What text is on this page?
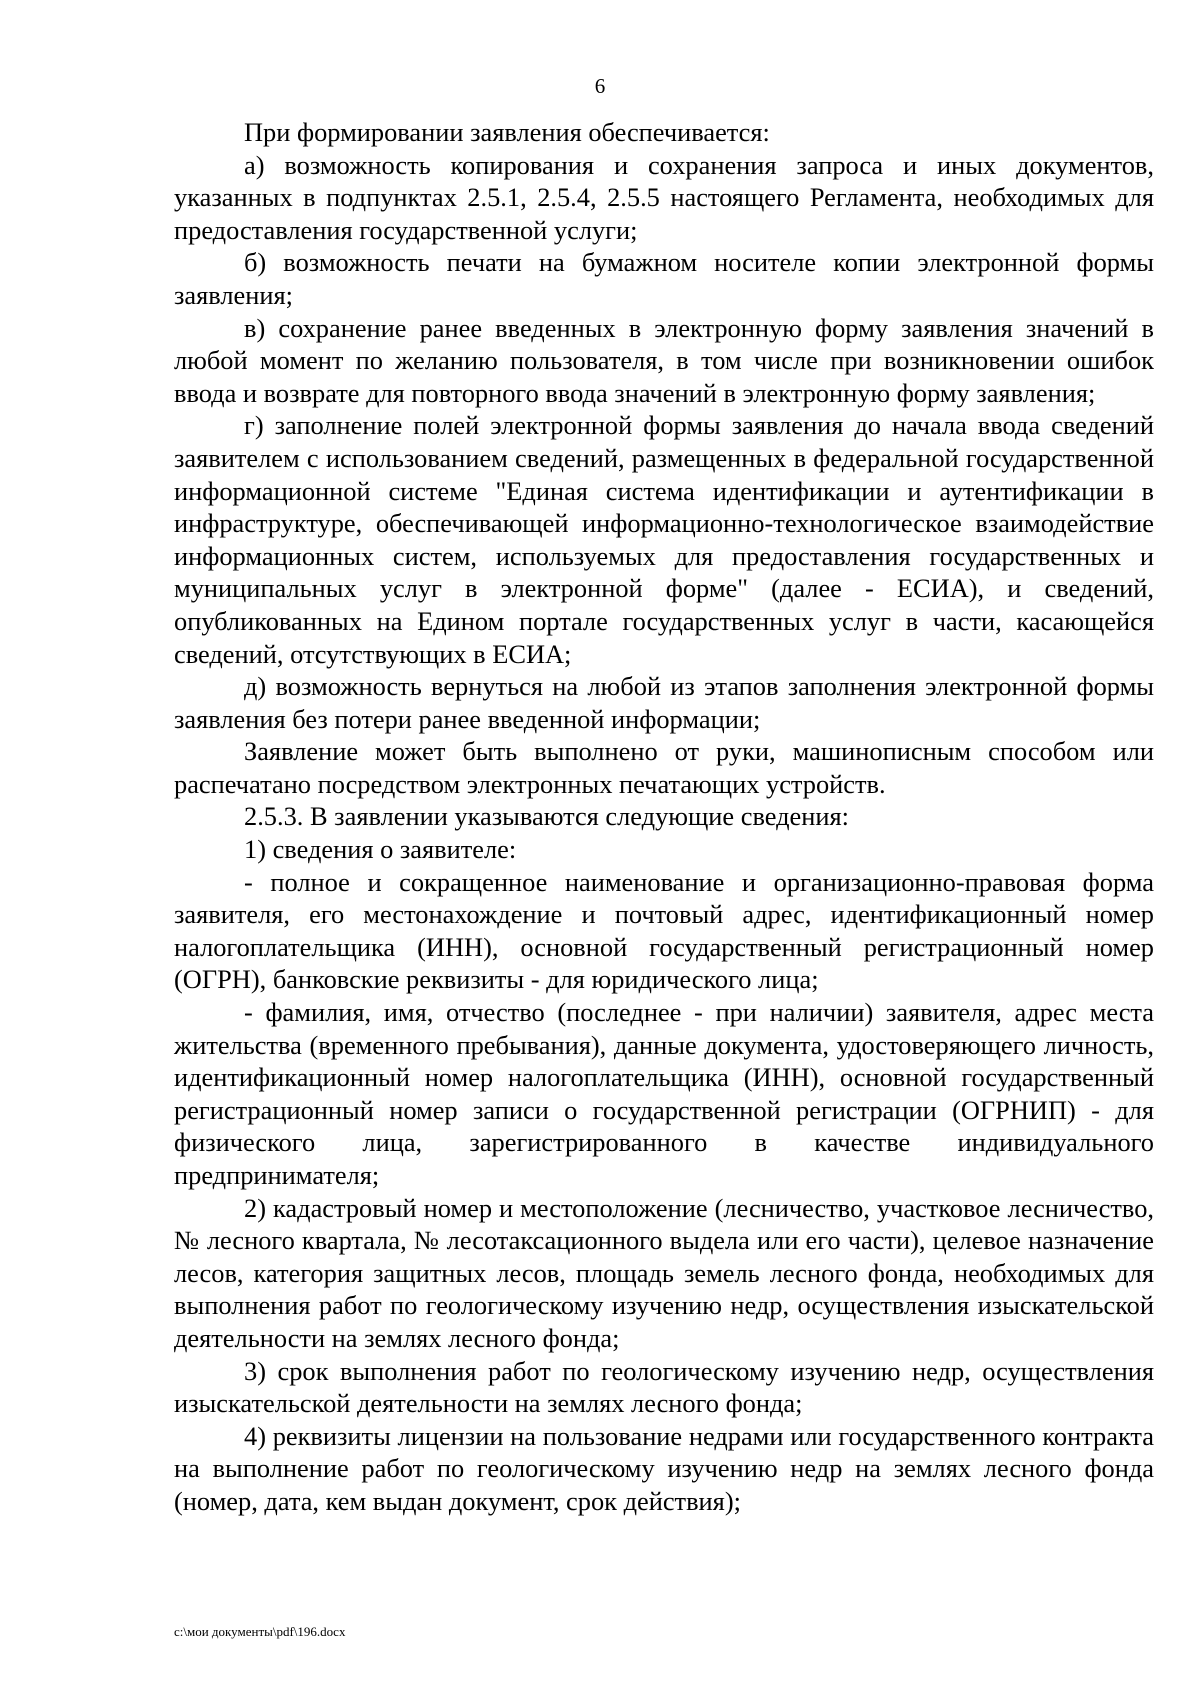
6

При формировании заявления обеспечивается:

а) возможность копирования и сохранения запроса и иных документов, указанных в подпунктах 2.5.1, 2.5.4, 2.5.5 настоящего Регламента, необходимых для предоставления государственной услуги;

б) возможность печати на бумажном носителе копии электронной формы заявления;

в) сохранение ранее введенных в электронную форму заявления значений в любой момент по желанию пользователя, в том числе при возникновении ошибок ввода и возврате для повторного ввода значений в электронную форму заявления;

г) заполнение полей электронной формы заявления до начала ввода сведений заявителем с использованием сведений, размещенных в федеральной государственной информационной системе "Единая система идентификации и аутентификации в инфраструктуре, обеспечивающей информационно-технологическое взаимодействие информационных систем, используемых для предоставления государственных и муниципальных услуг в электронной форме" (далее - ЕСИА), и сведений, опубликованных на Едином портале государственных услуг в части, касающейся сведений, отсутствующих в ЕСИА;

д) возможность вернуться на любой из этапов заполнения электронной формы заявления без потери ранее введенной информации;

Заявление может быть выполнено от руки, машинописным способом или распечатано посредством электронных печатающих устройств.

2.5.3. В заявлении указываются следующие сведения:

1) сведения о заявителе:

- полное и сокращенное наименование и организационно-правовая форма заявителя, его местонахождение и почтовый адрес, идентификационный номер налогоплательщика (ИНН), основной государственный регистрационный номер (ОГРН), банковские реквизиты - для юридического лица;

- фамилия, имя, отчество (последнее - при наличии) заявителя, адрес места жительства (временного пребывания), данные документа, удостоверяющего личность, идентификационный номер налогоплательщика (ИНН), основной государственный регистрационный номер записи о государственной регистрации (ОГРНИП) - для физического лица, зарегистрированного в качестве индивидуального предпринимателя;

2) кадастровый номер и местоположение (лесничество, участковое лесничество, № лесного квартала, № лесотаксационного выдела или его части), целевое назначение лесов, категория защитных лесов, площадь земель лесного фонда, необходимых для выполнения работ по геологическому изучению недр, осуществления изыскательской деятельности на землях лесного фонда;

3) срок выполнения работ по геологическому изучению недр, осуществления изыскательской деятельности на землях лесного фонда;

4) реквизиты лицензии на пользование недрами или государственного контракта на выполнение работ по геологическому изучению недр на землях лесного фонда (номер, дата, кем выдан документ, срок действия);

c:\мои документы\pdf\196.docx
